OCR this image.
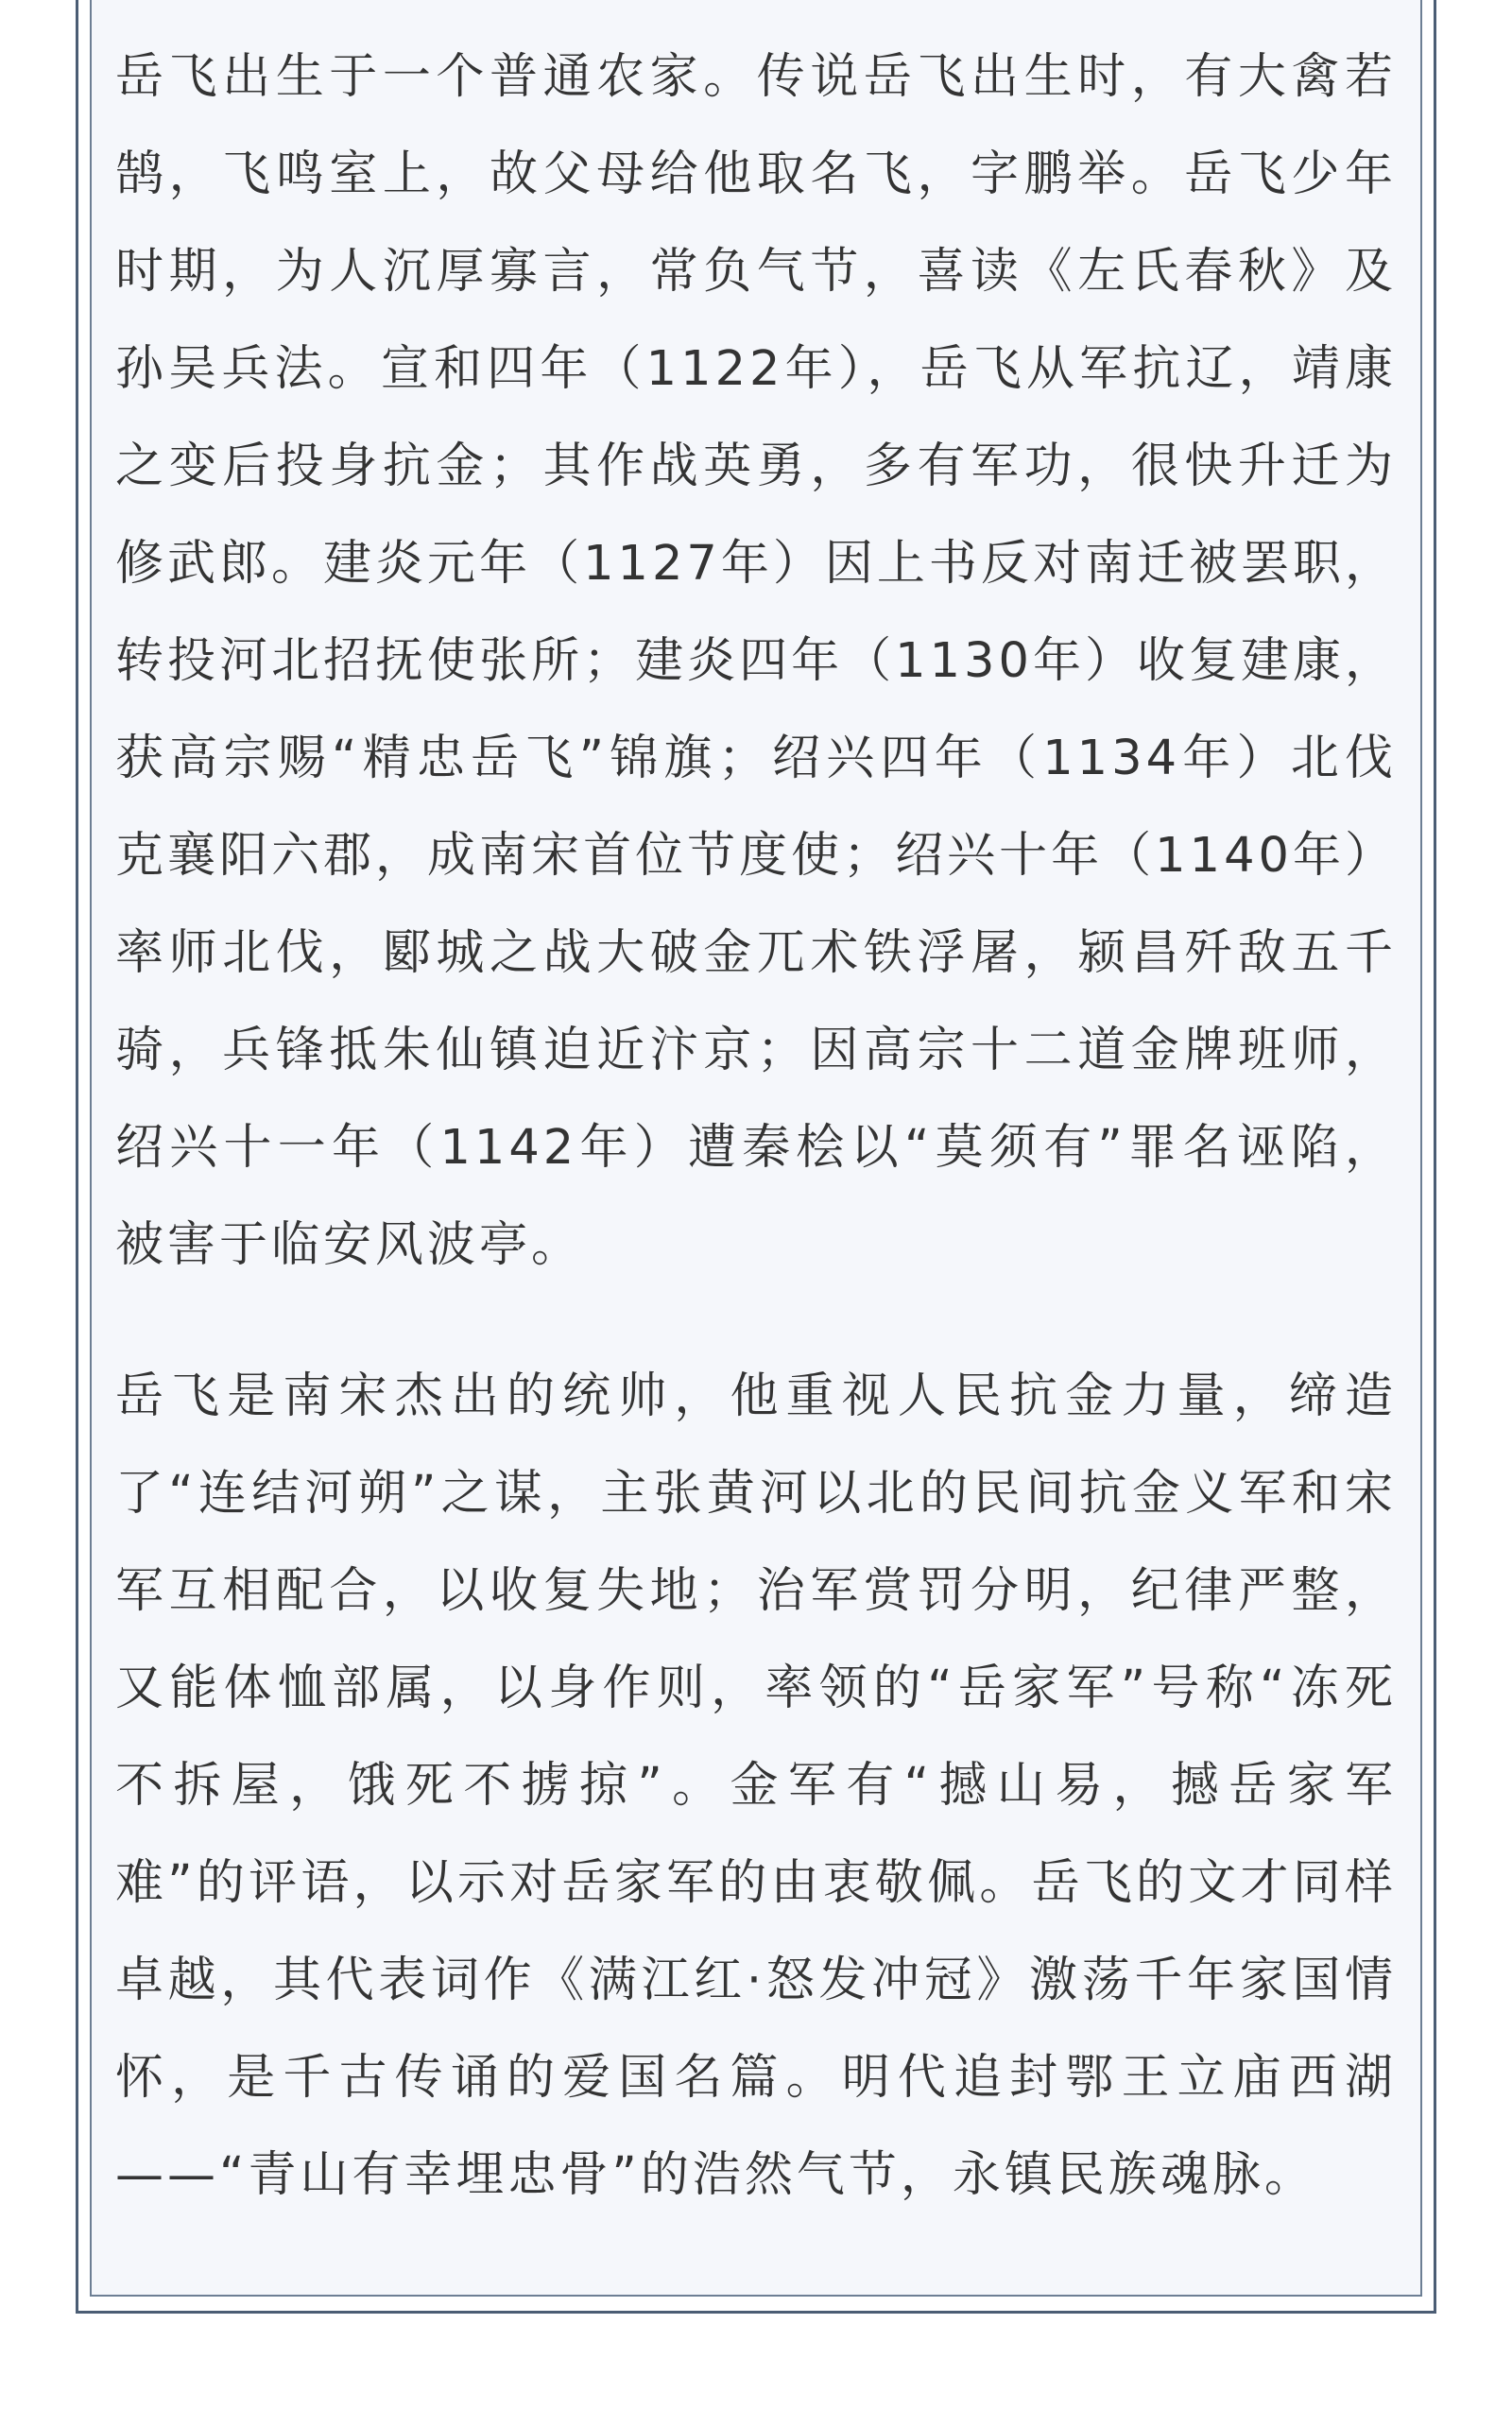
岳飞出生于一个普通农家。传说岳飞出生时，有大禽若鹄，飞鸣室上，故父母给他取名飞，字鹏举。岳飞少年时期，为人沉厚寡言，常负气节，喜读《左氏春秋》及孙吴兵法。宣和四年（1122年），岳飞从军抗辽，靖康之变后投身抗金；其作战英勇，多有军功，很快升迁为修武郎。建炎元年（1127年）因上书反对南迁被罢职，转投河北招抚使张所；建炎四年（1130年）收复建康，获高宗赐“精忠岳飞”锦旗；绍兴四年（1134年）北伐克襄阳六郡，成南宋首位节度使；绍兴十年（1140年）率师北伐，郾城之战大破金兀术铁浮屠，颍昌歼敌五千骑，兵锋抵朱仙镇迫近汴京；因高宗十二道金牌班师，绍兴十一年（1142年）遭秦桧以“莫须有”罪名诬陷，被害于临安风波亭。

岳飞是南宋杰出的统帅，他重视人民抗金力量，缔造了“连结河朔”之谋，主张黄河以北的民间抗金义军和宋军互相配合，以收复失地；治军赏罚分明，纪律严整，又能体恤部属，以身作则，率领的“岳家军”号称“冻死不拆屋，饿死不掳掠”。金军有“撼山易，撼岳家军难”的评语，以示对岳家军的由衷敬佩。岳飞的文才同样卓越，其代表词作《满江红·怒发冲冠》激荡千年家国情怀，是千古传诵的爱国名篇。明代追封鄂王立庙西湖——“青山有幸埋忠骨”的浩然气节，永镇民族魂脉。
